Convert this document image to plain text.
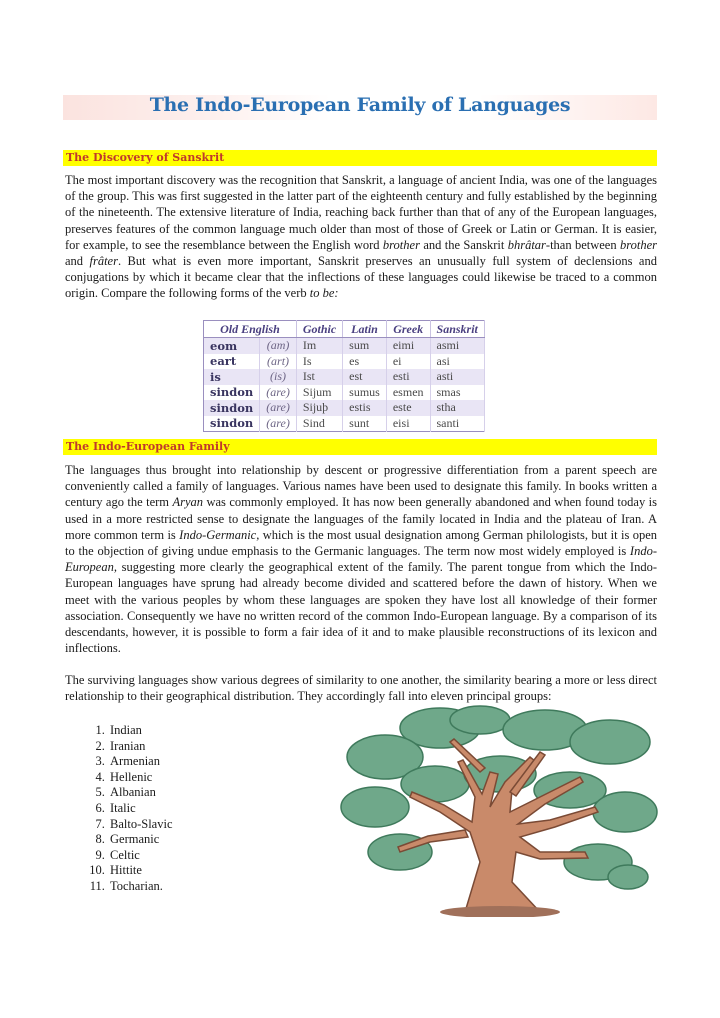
The Indo-European Family of Languages
The Discovery of Sanskrit
The most important discovery was the recognition that Sanskrit, a language of ancient India, was one of the languages of the group. This was first suggested in the latter part of the eighteenth century and fully established by the beginning of the nineteenth. The extensive literature of India, reaching back further than that of any of the European languages, preserves features of the common language much older than most of those of Greek or Latin or German. It is easier, for example, to see the resemblance between the English word brother and the Sanskrit bhrâtar-than between brother and frâter. But what is even more important, Sanskrit preserves an unusually full system of declensions and conjugations by which it became clear that the inflections of these languages could likewise be traced to a common origin. Compare the following forms of the verb to be:
Old English		Gothic	Latin	Greek	Sanskrit
eom	(am)	Im	sum	eimi	asmi
eart	(art)	Is	es	ei	asi
is	(is)	Ist	est	esti	asti
sindon	(are)	Sijum	sumus	esmen	smas
sindon	(are)	Sijuþ	estis	este	stha
sindon	(are)	Sind	sunt	eisi	santi
The Indo-European Family
The languages thus brought into relationship by descent or progressive differentiation from a parent speech are conveniently called a family of languages. Various names have been used to designate this family. In books written a century ago the term Aryan was commonly employed. It has now been generally abandoned and when found today is used in a more restricted sense to designate the languages of the family located in India and the plateau of Iran. A more common term is Indo-Germanic, which is the most usual designation among German philologists, but it is open to the objection of giving undue emphasis to the Germanic languages. The term now most widely employed is Indo-European, suggesting more clearly the geographical extent of the family. The parent tongue from which the Indo-European languages have sprung had already become divided and scattered before the dawn of history. When we meet with the various peoples by whom these languages are spoken they have lost all knowledge of their former association. Consequently we have no written record of the common Indo-European language. By a comparison of its descendants, however, it is possible to form a fair idea of it and to make plausible reconstructions of its lexicon and inflections.
The surviving languages show various degrees of similarity to one another, the similarity bearing a more or less direct relationship to their geographical distribution. They accordingly fall into eleven principal groups:
1. Indian
2. Iranian
3. Armenian
4. Hellenic
5. Albanian
6. Italic
7. Balto-Slavic
8. Germanic
9. Celtic
10. Hittite
11. Tocharian.
